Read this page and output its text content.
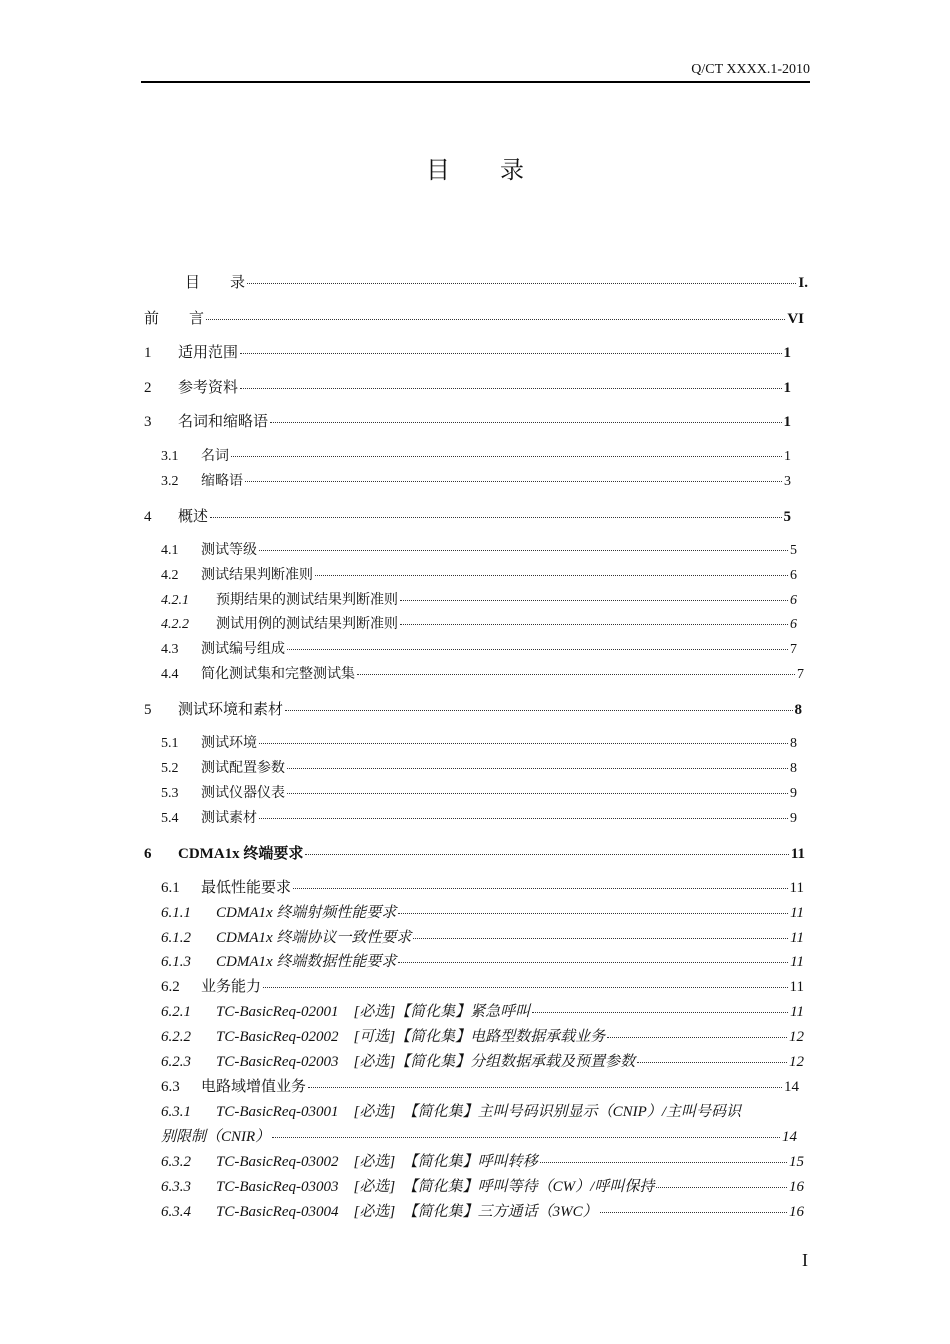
Q/CT XXXX.1-2010
目 录
目　　录	I.
前　　言	VI
1	适用范围	1
2	参考资料	1
3	名词和缩略语	1
3.1	名词	1
3.2	缩略语	3
4	概述	5
4.1	测试等级	5
4.2	测试结果判断准则	6
4.2.1	预期结果的测试结果判断准则	6
4.2.2	测试用例的测试结果判断准则	6
4.3	测试编号组成	7
4.4	简化测试集和完整测试集	7
5	测试环境和素材	8
5.1	测试环境	8
5.2	测试配置参数	8
5.3	测试仪器仪表	9
5.4	测试素材	9
6	CDMA1x 终端要求	11
6.1	最低性能要求	11
6.1.1	CDMA1x 终端射频性能要求	11
6.1.2	CDMA1x 终端协议一致性要求	11
6.1.3	CDMA1x 终端数据性能要求	11
6.2	业务能力	11
6.2.1	TC-BasicReq-02001　[必选]【简化集】紧急呼叫	11
6.2.2	TC-BasicReq-02002　[可选]【简化集】电路型数据承载业务	12
6.2.3	TC-BasicReq-02003　[必选]【简化集】分组数据承载及预置参数	12
6.3	电路域增值业务	14
6.3.1	TC-BasicReq-03001　[必选]　【简化集】主叫号码识别显示（CNIP）/主叫号码识
别限制（CNIR）	14
6.3.2	TC-BasicReq-03002　[必选]　【简化集】呼叫转移	15
6.3.3	TC-BasicReq-03003　[必选]　【简化集】呼叫等待（CW）/呼叫保持	16
6.3.4	TC-BasicReq-03004　[必选]　【简化集】三方通话（3WC）	16
I
